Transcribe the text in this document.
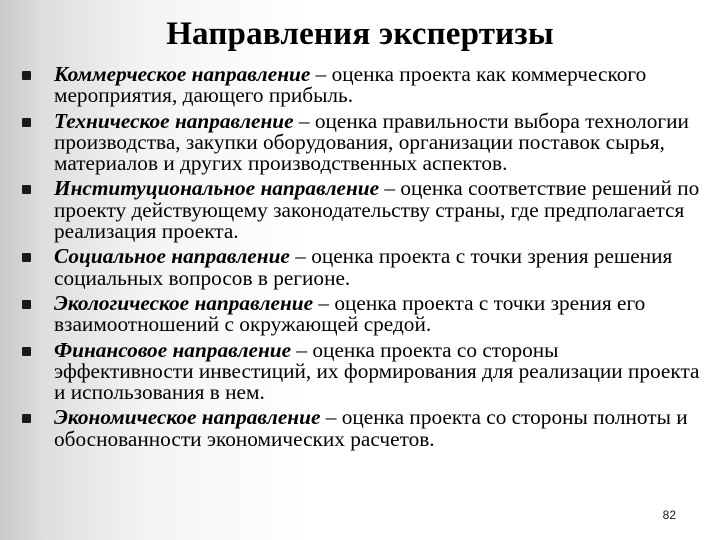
Направления экспертизы
Коммерческое направление – оценка проекта как коммерческого мероприятия, дающего прибыль.
Техническое направление – оценка правильности выбора технологии производства, закупки оборудования, организации поставок сырья, материалов и других производственных аспектов.
Институциональное направление – оценка соответствие решений по проекту действующему законодательству страны, где предполагается реализация проекта.
Социальное направление – оценка проекта с точки зрения решения социальных вопросов в регионе.
Экологическое направление – оценка проекта с точки зрения его взаимоотношений с окружающей средой.
Финансовое направление – оценка проекта со стороны эффективности инвестиций, их формирования для реализации проекта и использования в нем.
Экономическое направление – оценка проекта со стороны полноты и обоснованности экономических расчетов.
82
